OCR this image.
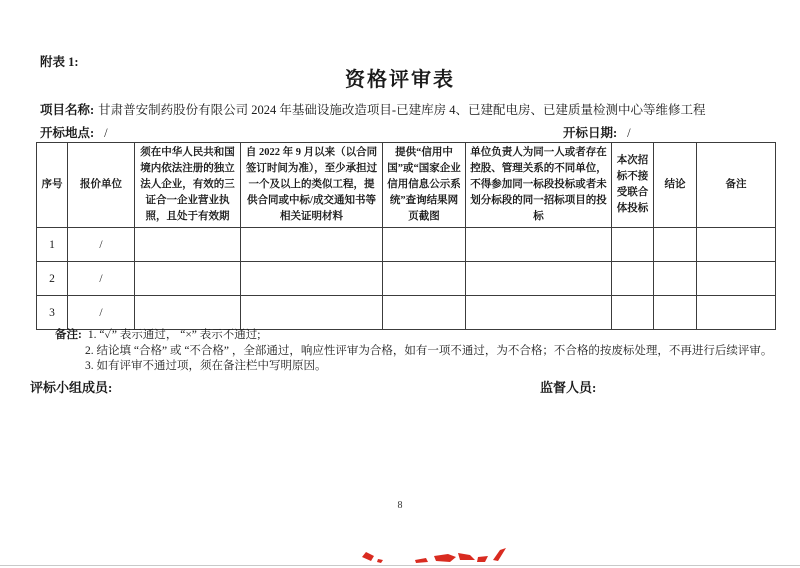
附表 1:
资格评审表
项目名称: 甘肃普安制药股份有限公司 2024 年基础设施改造项目-已建库房 4、已建配电房、已建质量检测中心等维修工程
开标地点: /	开标日期: /
序号	报价单位	须在中华人民共和国境内依法注册的独立法人企业，有效的三证合一企业营业执照，且处于有效期	自 2022 年 9 月以来（以合同签订时间为准），至少承担过一个及以上的类似工程，提供合同或中标/成交通知书等相关证明材料	提供“信用中国”或“国家企业信用信息公示系统”查询结果网页截图	单位负责人为同一人或者存在控股、管理关系的不同单位，不得参加同一标段投标或者未划分标段的同一招标项目的投标	本次招标不接受联合体投标	结论	备注
1	/							
2	/							
3	/							
备注: 1. “✓” 表示通过， “×” 表示不通过;
2. 结论填 “合格” 或 “不合格” ，全部通过，响应性评审为合格，如有一项不通过，为不合格；不合格的按废标处理，不再进行后续评审。
3. 如有评审不通过项，须在备注栏中写明原因。
评标小组成员:	监督人员:
8
